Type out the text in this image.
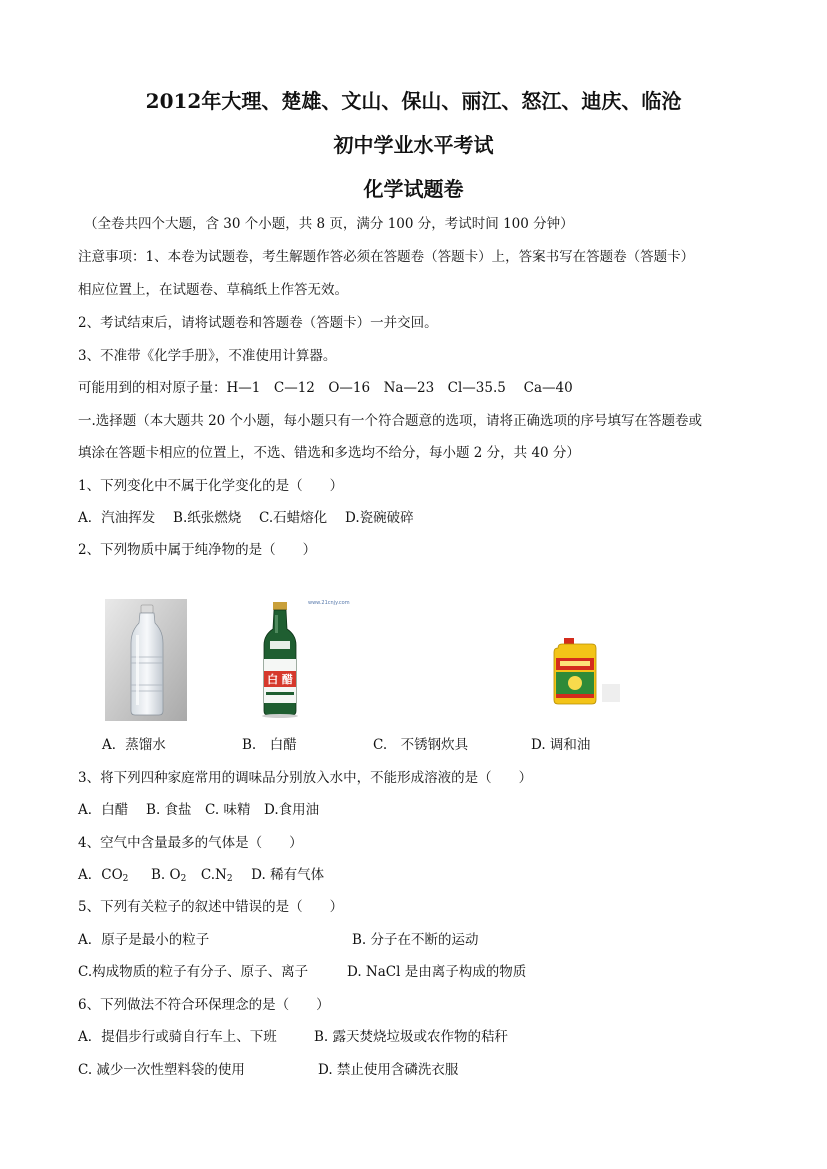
2012年大理、楚雄、文山、保山、丽江、怒江、迪庆、临沧
初中学业水平考试
化学试题卷
（全卷共四个大题，含 30 个小题，共 8 页，满分 100 分，考试时间 100 分钟）
注意事项：1、本卷为试题卷，考生解题作答必须在答题卷（答题卡）上，答案书写在答题卷（答题卡）
相应位置上，在试题卷、草稿纸上作答无效。
2、考试结束后，请将试题卷和答题卷（答题卡）一并交回。
3、不准带《化学手册》，不准使用计算器。
可能用到的相对原子量：H—1　C—12　O—16　Na—23　Cl—35.5　 Ca—40
一.选择题（本大题共 20 个小题，每小题只有一个符合题意的选项，请将正确选项的序号填写在答题卷或
填涂在答题卡相应的位置上，不选、错选和多选均不给分，每小题 2 分，共 40 分）
1、下列变化中不属于化学变化的是（　　）
A．汽油挥发　 B.纸张燃烧　 C.石蜡熔化　 D.瓷碗破碎
2、下列物质中属于纯净物的是（　　）
www.21cnjy.com
白 醋
A．蒸馏水	B.　白醋	C.　不锈钢炊具	D. 调和油
3、将下列四种家庭常用的调味品分别放入水中，不能形成溶液的是（　　）
A．白醋　 B. 食盐　C. 味精　D.食用油
4、空气中含量最多的气体是（　　）
A．$CO_2$ B. $O_2$ $C.N_2$ D. 稀有气体
5、下列有关粒子的叙述中错误的是（　　）
A．原子是最小的粒子	B. 分子在不断的运动
C.构成物质的粒子有分子、原子、离子	D. NaCl 是由离子构成的物质
6、下列做法不符合环保理念的是（　　）
A．提倡步行或骑自行车上、下班	B. 露天焚烧垃圾或农作物的秸秆
C. 减少一次性塑料袋的使用	D. 禁止使用含磷洗衣服
